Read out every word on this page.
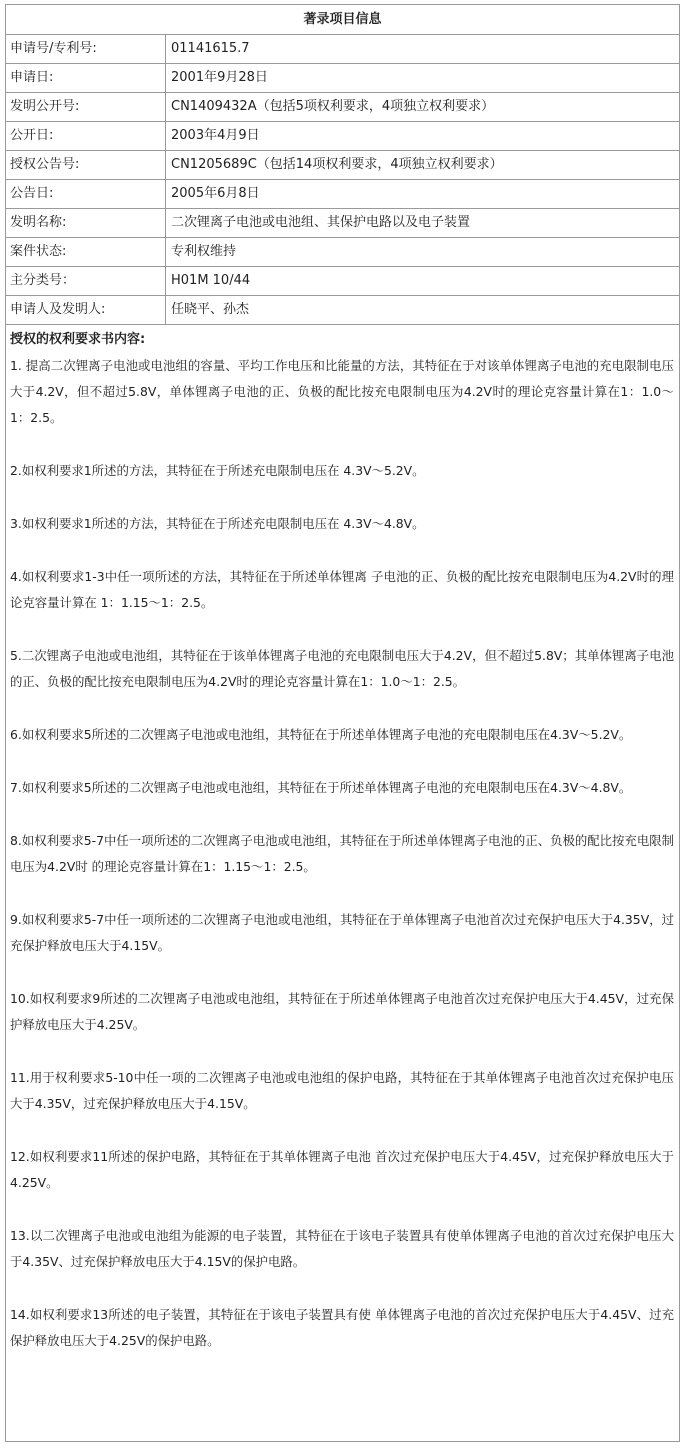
著录项目信息
申请号/专利号:	01141615.7
申请日:	2001年9月28日
发明公开号:	CN1409432A（包括5项权利要求，4项独立权利要求）
公开日:	2003年4月9日
授权公告号:	CN1205689C（包括14项权利要求，4项独立权利要求）
公告日:	2005年6月8日
发明名称:	二次锂离子电池或电池组、其保护电路以及电子装置
案件状态:	专利权维持
主分类号：	H01M 10/44
申请人及发明人:	任晓平、孙杰
授权的权利要求书内容:
1. 提高二次锂离子电池或电池组的容量、平均工作电压和比能量的方法，其特征在于对该单体锂离子电池的充电限制电压大于4.2V，但不超过5.8V，单体锂离子电池的正、负极的配比按充电限制电压为4.2V时的理论克容量计算在1：1.0～1：2.5。
2.如权利要求1所述的方法，其特征在于所述充电限制电压在 4.3V～5.2V。
3.如权利要求1所述的方法，其特征在于所述充电限制电压在 4.3V～4.8V。
4.如权利要求1-3中任一项所述的方法，其特征在于所述单体锂离 子电池的正、负极的配比按充电限制电压为4.2V时的理论克容量计算在 1：1.15～1：2.5。
5.二次锂离子电池或电池组，其特征在于该单体锂离子电池的充电限制电压大于4.2V，但不超过5.8V；其单体锂离子电池的正、负极的配比按充电限制电压为4.2V时的理论克容量计算在1：1.0～1：2.5。
6.如权利要求5所述的二次锂离子电池或电池组，其特征在于所述单体锂离子电池的充电限制电压在4.3V～5.2V。
7.如权利要求5所述的二次锂离子电池或电池组，其特征在于所述单体锂离子电池的充电限制电压在4.3V～4.8V。
8.如权利要求5-7中任一项所述的二次锂离子电池或电池组，其特征在于所述单体锂离子电池的正、负极的配比按充电限制电压为4.2V时 的理论克容量计算在1：1.15～1：2.5。
9.如权利要求5-7中任一项所述的二次锂离子电池或电池组，其特征在于单体锂离子电池首次过充保护电压大于4.35V，过充保护释放电压大于4.15V。
10.如权利要求9所述的二次锂离子电池或电池组，其特征在于所述单体锂离子电池首次过充保护电压大于4.45V，过充保护释放电压大于4.25V。
11.用于权利要求5-10中任一项的二次锂离子电池或电池组的保护电路，其特征在于其单体锂离子电池首次过充保护电压大于4.35V，过充保护释放电压大于4.15V。
12.如权利要求11所述的保护电路，其特征在于其单体锂离子电池 首次过充保护电压大于4.45V，过充保护释放电压大于4.25V。
13.以二次锂离子电池或电池组为能源的电子装置，其特征在于该电子装置具有使单体锂离子电池的首次过充保护电压大于4.35V、过充保护释放电压大于4.15V的保护电路。
14.如权利要求13所述的电子装置，其特征在于该电子装置具有使 单体锂离子电池的首次过充保护电压大于4.45V、过充保护释放电压大于4.25V的保护电路。
